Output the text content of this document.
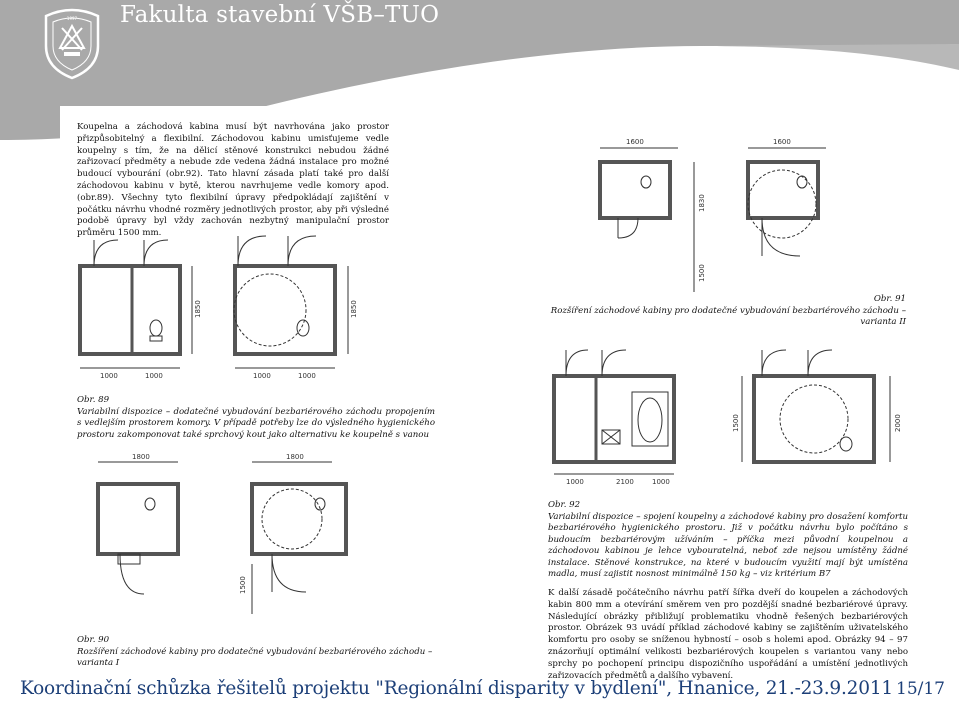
1997 Fakulta stavební VŠB–TUO

Koupelna a záchodová kabina musí být navrhována jako prostor přizpůsobitelný a flexibilní. Záchodovou kabinu umisťujeme vedle koupelny s tím, že na dělicí stěnové konstrukci nebudou žádné zařizovací předměty a nebude zde vedena žádná instalace pro možné budoucí vybourání (obr.92). Tato hlavní zásada platí také pro další záchodovou kabinu v bytě, kterou navrhujeme vedle komory apod. (obr.89). Všechny tyto flexibilní úpravy předpokládají zajištění v počátku návrhu vhodné rozměry jednotlivých prostor, aby při výsledné podobě úpravy byl vždy zachován nezbytný manipulační prostor průměru 1500 mm.

1000	1000	1000	1000
1850	1850
Obr. 89
Variabilní dispozice – dodatečné vybudování bezbariérového záchodu propojením s vedlejším prostorem komory. V případě potřeby lze do výsledného hygienického prostoru zakomponovat také sprchový kout jako alternativu ke koupelně s vanou
1800	1800
1500
Obr. 90
Rozšíření záchodové kabiny pro dodatečné vybudování bezbariérového záchodu – varianta I
1600	1600
1830
1500
Obr. 91
Rozšíření záchodové kabiny pro dodatečné vybudování bezbariérového záchodu – varianta II
1000	2100	1000
1500	2000
Obr. 92
Variabilní dispozice – spojení koupelny a záchodové kabiny pro dosažení komfortu bezbariérového hygienického prostoru. Již v počátku návrhu bylo počítáno s budoucím bezbariérovým užíváním – příčka mezi původní koupelnou a záchodovou kabinou je lehce vybouratelná, neboť zde nejsou umístěny žádné instalace. Stěnové konstrukce, na které v budoucím využití mají být umístěna madla, musí zajistit nosnost minimálně 150 kg – viz kritérium B7

K další zásadě počátečního návrhu patří šířka dveří do koupelen a záchodových kabin 800 mm a otevírání směrem ven pro pozdější snadné bezbariérové úpravy. Následující obrázky přibližují problematiku vhodně řešených bezbariérových prostor. Obrázek 93 uvádí příklad záchodové kabiny se zajištěním uživatelského komfortu pro osoby se sníženou hybností – osob s holemi apod. Obrázky 94 – 97 znázorňují optimální velikosti bezbariérových koupelen s variantou vany nebo sprchy po pochopení principu dispozičního uspořádání a umístění jednotlivých zařizovacích předmětů a dalšího vybavení.

Koordinační schůzka řešitelů projektu "Regionální disparity v bydlení", Hnanice, 21.-23.9.2011 15/17
